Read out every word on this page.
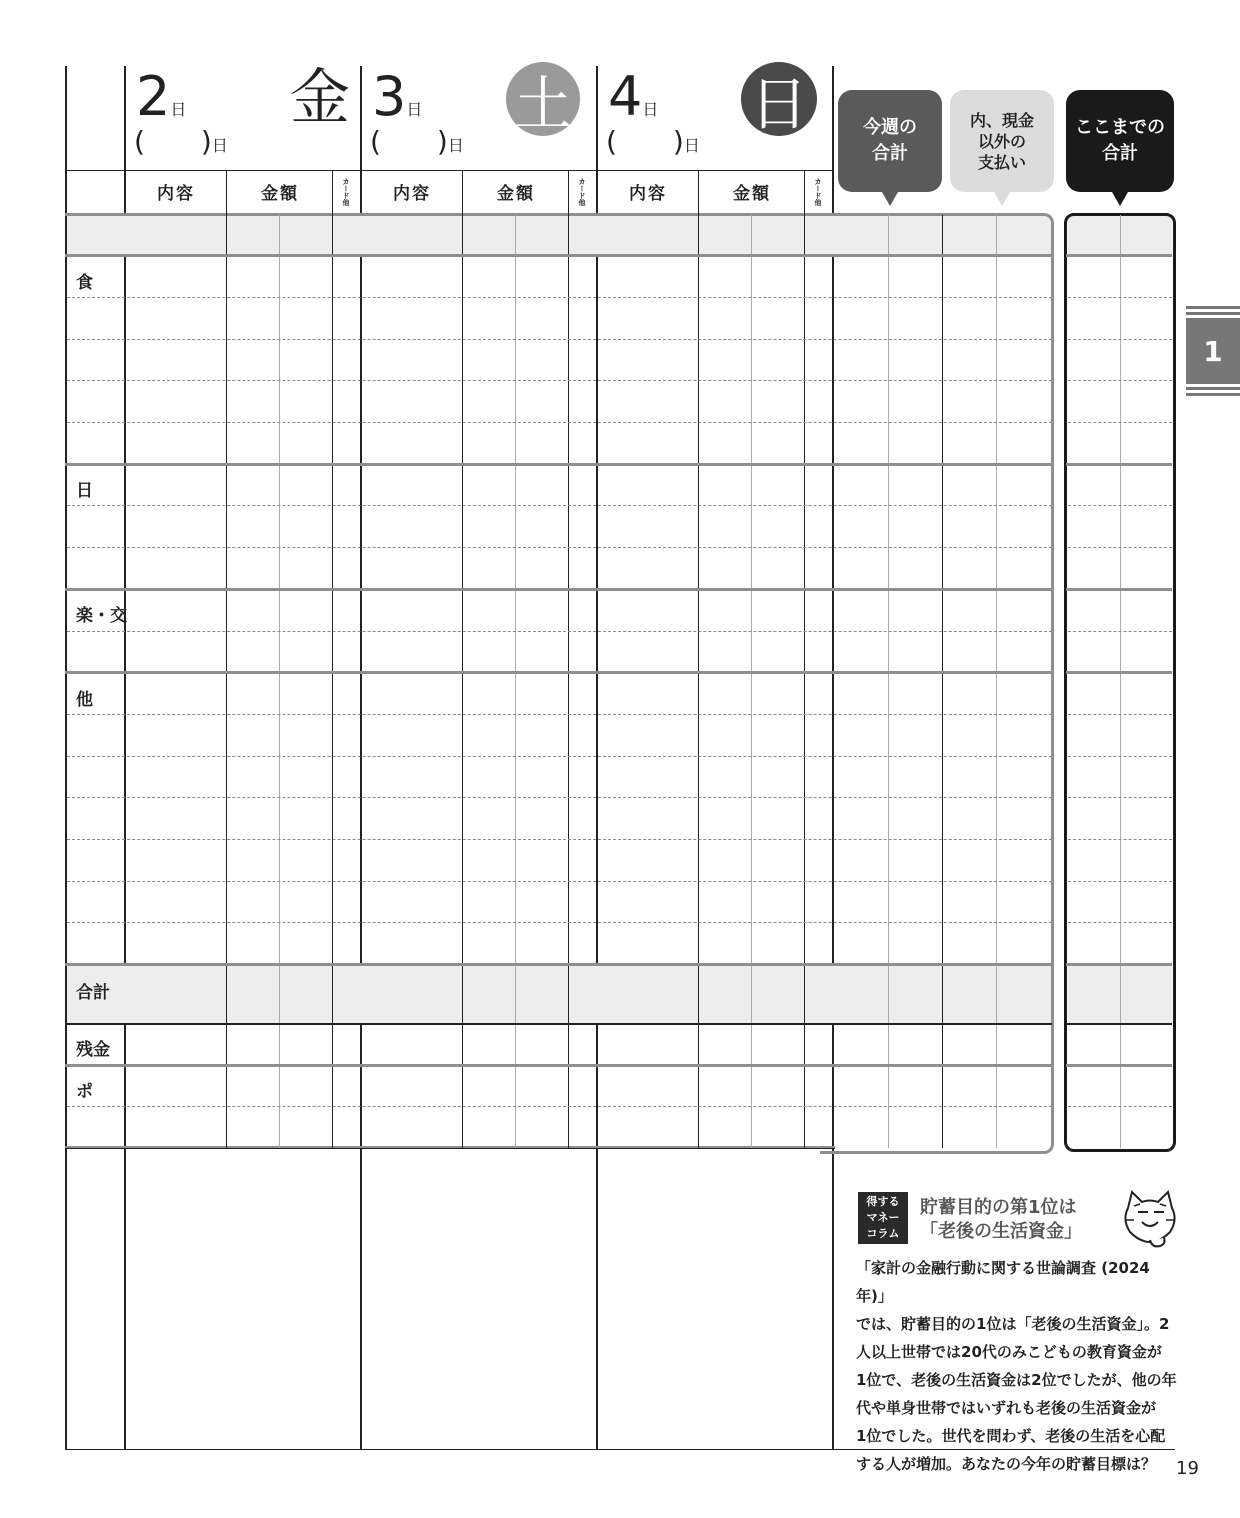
2日
(　　)日
金 3日
(　　)日
土 4日
(　　)日
日
内容	金額	カード他	内容	金額	カード他	内容	金額	カード他
今週の
合計
内、現金
以外の
支払い
ここまでの
合計
食
日
楽・交
他
合計
残金
ポ
1
得する
マネー
コラム
貯蓄目的の第1位は
「老後の生活資金」
「家計の金融行動に関する世論調査 (2024年)」
では、貯蓄目的の1位は「老後の生活資金」。2
人以上世帯では20代のみこどもの教育資金が
1位で、老後の生活資金は2位でしたが、他の年
代や単身世帯ではいずれも老後の生活資金が
1位でした。世代を問わず、老後の生活を心配
する人が増加。あなたの今年の貯蓄目標は？	19
